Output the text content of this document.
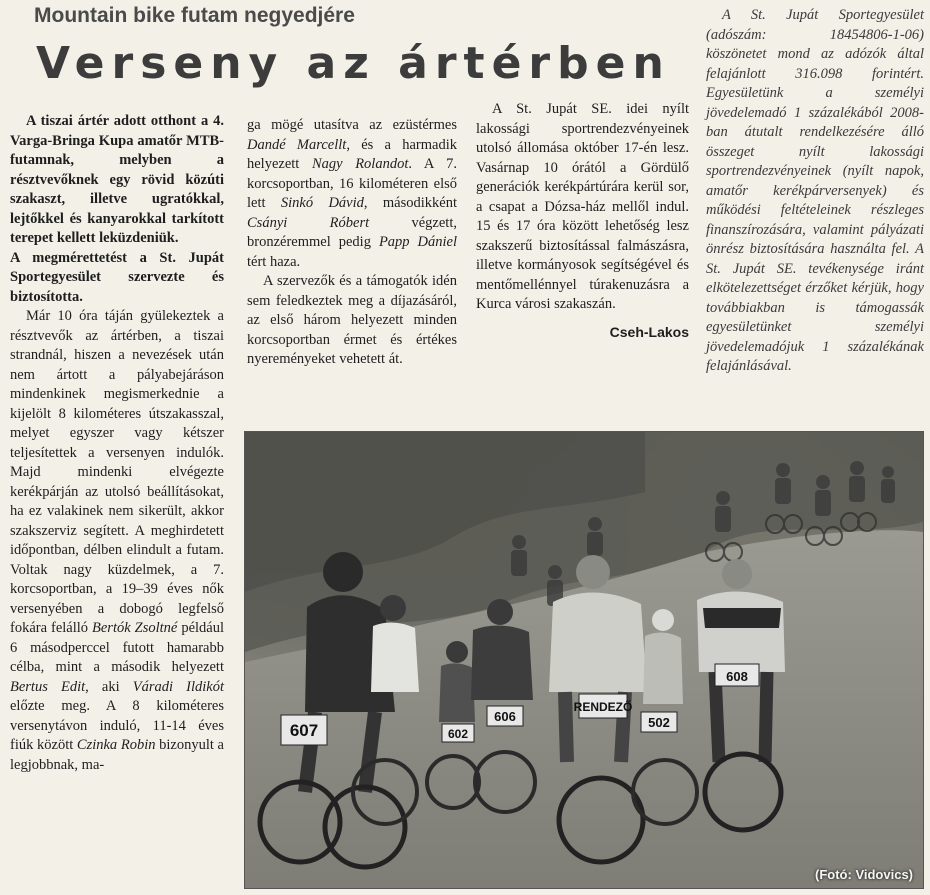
Mountain bike futam negyedjére
Verseny az ártérben

A tiszai ártér adott otthont a 4. Varga-Bringa Kupa amatőr MTB-futamnak, melyben a résztvevőknek egy rövid közúti szakaszt, illetve ugratókkal, lejtőkkel és kanyarokkal tarkított terepet kellett leküzdeniük.

A megmérettetést a St. Jupát Sportegyesület szervezte és biztosította.

Már 10 óra táján gyülekeztek a résztvevők az ártérben, a tiszai strandnál, hiszen a nevezések után nem ártott a pályabejáráson mindenkinek megismerkednie a kijelölt 8 kilométeres útszakasszal, melyet egyszer vagy kétszer teljesítettek a versenyen indulók. Majd mindenki elvégezte kerékpárján az utolsó beállításokat, ha ez valakinek nem sikerült, akkor szakszerviz segített. A meghirdetett időpontban, délben elindult a futam. Voltak nagy küzdelmek, a 7. korcsoportban, a 19–39 éves nők versenyében a dobogó legfelső fokára felálló Bertók Zsoltné például 6 másodperccel futott hamarabb célba, mint a második helyezett Bertus Edit, aki Váradi Ildikót előzte meg. A 8 kilométeres versenytávon induló, 11-14 éves fiúk között Czinka Robin bizonyult a legjobbnak, ma-

ga mögé utasítva az ezüstérmes Dandé Marcellt, és a harmadik helyezett Nagy Rolandot. A 7. korcsoportban, 16 kilométeren első lett Sinkó Dávid, másodikként Csányi Róbert végzett, bronzéremmel pedig Papp Dániel tért haza.

A szervezők és a támogatók idén sem feledkeztek meg a díjazásáról, az első három helyezett minden korcsoportban érmet és értékes nyereményeket vehetett át.

A St. Jupát SE. idei nyílt lakossági sportrendezvényeinek utolsó állomása október 17-én lesz. Vasárnap 10 órától a Gördülő generációk kerékpártúrára kerül sor, a csapat a Dózsa-ház mellől indul. 15 és 17 óra között lehetőség lesz szakszerű biztosítással falmászásra, illetve kormányosok segítségével és mentőmellénnyel túrakenuzásra a Kurca városi szakaszán.

Cseh-Lakos

A St. Jupát Sportegyesület (adószám: 18454806-1-06) köszönetet mond az adózók által felajánlott 316.098 forintért. Egyesületünk a személyi jövedelemadó 1 százalékából 2008-ban átutalt rendelkezésére álló összeget nyílt lakossági sportrendezvényeinek (nyílt napok, amatőr kerékpárversenyek) és működési feltételeinek részleges finanszírozására, valamint pályázati önrész biztosítására használta fel. A St. Jupát SE. tevékenysége iránt elkötelezettséget érzőket kérjük, hogy továbbiakban is támogassák egyesületünket személyi jövedelemadójuk 1 százalékának felajánlásával.

607	602
606
RENDEZŐ
502
608
(Fotó: Vidovics)
